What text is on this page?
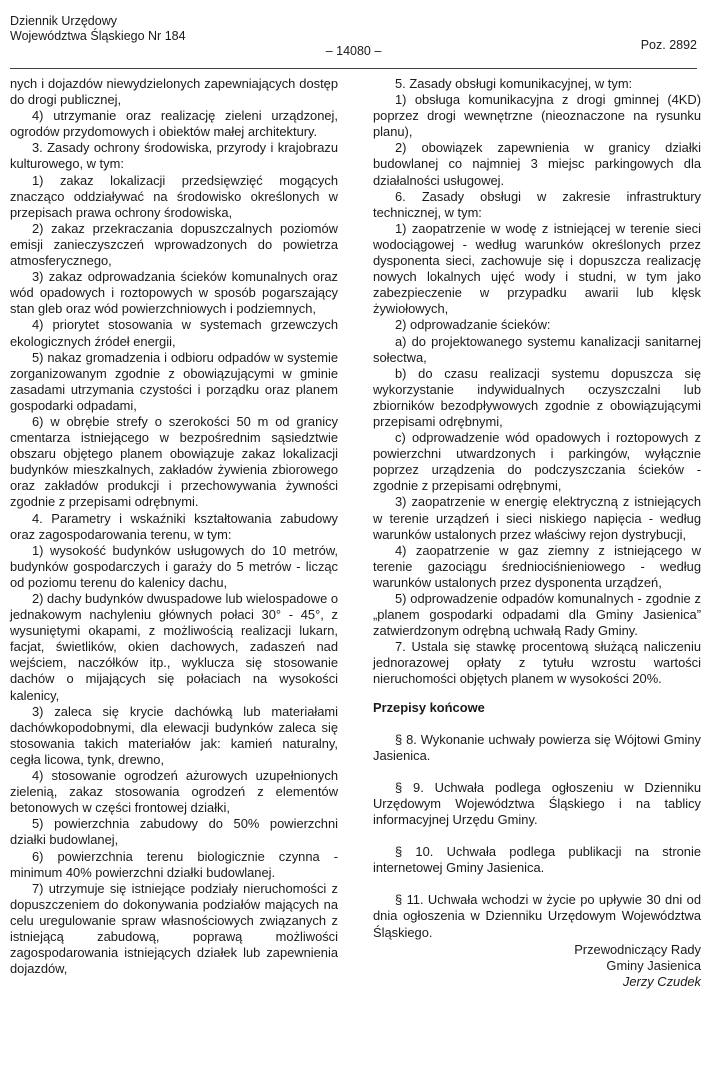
Dziennik Urzędowy
Województwa Śląskiego Nr 184
– 14080 –	Poz. 2892

nych i dojazdów niewydzielonych zapewniających dostęp do drogi publicznej,

4) utrzymanie oraz realizację zieleni urządzonej, ogrodów przydomowych i obiektów małej architektury.

3. Zasady ochrony środowiska, przyrody i krajobrazu kulturowego, w tym:

1) zakaz lokalizacji przedsięwzięć mogących znacząco oddziaływać na środowisko określonych w przepisach prawa ochrony środowiska,

2) zakaz przekraczania dopuszczalnych poziomów emisji zanieczyszczeń wprowadzonych do powietrza atmosferycznego,

3) zakaz odprowadzania ścieków komunalnych oraz wód opadowych i roztopowych w sposób pogarszający stan gleb oraz wód powierzchniowych i podziemnych,

4) priorytet stosowania w systemach grzewczych ekologicznych źródeł energii,

5) nakaz gromadzenia i odbioru odpadów w systemie zorganizowanym zgodnie z obowiązującymi w gminie zasadami utrzymania czystości i porządku oraz planem gospodarki odpadami,

6) w obrębie strefy o szerokości 50 m od granicy cmentarza istniejącego w bezpośrednim sąsiedztwie obszaru objętego planem obowiązuje zakaz lokalizacji budynków mieszkalnych, zakładów żywienia zbiorowego oraz zakładów produkcji i przechowywania żywności zgodnie z przepisami odrębnymi.

4. Parametry i wskaźniki kształtowania zabudowy oraz zagospodarowania terenu, w tym:

1) wysokość budynków usługowych do 10 metrów, budynków gospodarczych i garaży do 5 metrów - licząc od poziomu terenu do kalenicy dachu,

2) dachy budynków dwuspadowe lub wielospadowe o jednakowym nachyleniu głównych połaci 30° - 45°, z wysuniętymi okapami, z możliwością realizacji lukarn, facjat, świetlików, okien dachowych, zadaszeń nad wejściem, naczółków itp., wyklucza się stosowanie dachów o mijających się połaciach na wysokości kalenicy,

3) zaleca się krycie dachówką lub materiałami dachówkopodobnymi, dla elewacji budynków zaleca się stosowania takich materiałów jak: kamień naturalny, cegła licowa, tynk, drewno,

4) stosowanie ogrodzeń ażurowych uzupełnionych zielenią, zakaz stosowania ogrodzeń z elementów betonowych w części frontowej działki,

5) powierzchnia zabudowy do 50% powierzchni działki budowlanej,

6) powierzchnia terenu biologicznie czynna - minimum 40% powierzchni działki budowlanej.

7) utrzymuje się istniejące podziały nieruchomości z dopuszczeniem do dokonywania podziałów mających na celu uregulowanie spraw własnościowych związanych z istniejącą zabudową, poprawą możliwości zagospodarowania istniejących działek lub zapewnienia dojazdów,

5. Zasady obsługi komunikacyjnej, w tym:

1) obsługa komunikacyjna z drogi gminnej (4KD) poprzez drogi wewnętrzne (nieoznaczone na rysunku planu),

2) obowiązek zapewnienia w granicy działki budowlanej co najmniej 3 miejsc parkingowych dla działalności usługowej.

6. Zasady obsługi w zakresie infrastruktury technicznej, w tym:

1) zaopatrzenie w wodę z istniejącej w terenie sieci wodociągowej - według warunków określonych przez dysponenta sieci, zachowuje się i dopuszcza realizację nowych lokalnych ujęć wody i studni, w tym jako zabezpieczenie w przypadku awarii lub klęsk żywiołowych,

2) odprowadzanie ścieków:

a) do projektowanego systemu kanalizacji sanitarnej sołectwa,

b) do czasu realizacji systemu dopuszcza się wykorzystanie indywidualnych oczyszczalni lub zbiorników bezodpływowych zgodnie z obowiązującymi przepisami odrębnymi,

c) odprowadzenie wód opadowych i roztopowych z powierzchni utwardzonych i parkingów, wyłącznie poprzez urządzenia do podczyszczania ścieków - zgodnie z przepisami odrębnymi,

3) zaopatrzenie w energię elektryczną z istniejących w terenie urządzeń i sieci niskiego napięcia - według warunków ustalonych przez właściwy rejon dystrybucji,

4) zaopatrzenie w gaz ziemny z istniejącego w terenie gazociągu średniociśnieniowego - według warunków ustalonych przez dysponenta urządzeń,

5) odprowadzenie odpadów komunalnych - zgodnie z „planem gospodarki odpadami dla Gminy Jasienica” zatwierdzonym odrębną uchwałą Rady Gminy.

7. Ustala się stawkę procentową służącą naliczeniu jednorazowej opłaty z tytułu wzrostu wartości nieruchomości objętych planem w wysokości 20%.

Przepisy końcowe

§ 8. Wykonanie uchwały powierza się Wójtowi Gminy Jasienica.

§ 9. Uchwała podlega ogłoszeniu w Dzienniku Urzędowym Województwa Śląskiego i na tablicy informacyjnej Urzędu Gminy.

§ 10. Uchwała podlega publikacji na stronie internetowej Gminy Jasienica.

§ 11. Uchwała wchodzi w życie po upływie 30 dni od dnia ogłoszenia w Dzienniku Urzędowym Województwa Śląskiego.

Przewodniczący Rady
Gminy Jasienica
Jerzy Czudek
